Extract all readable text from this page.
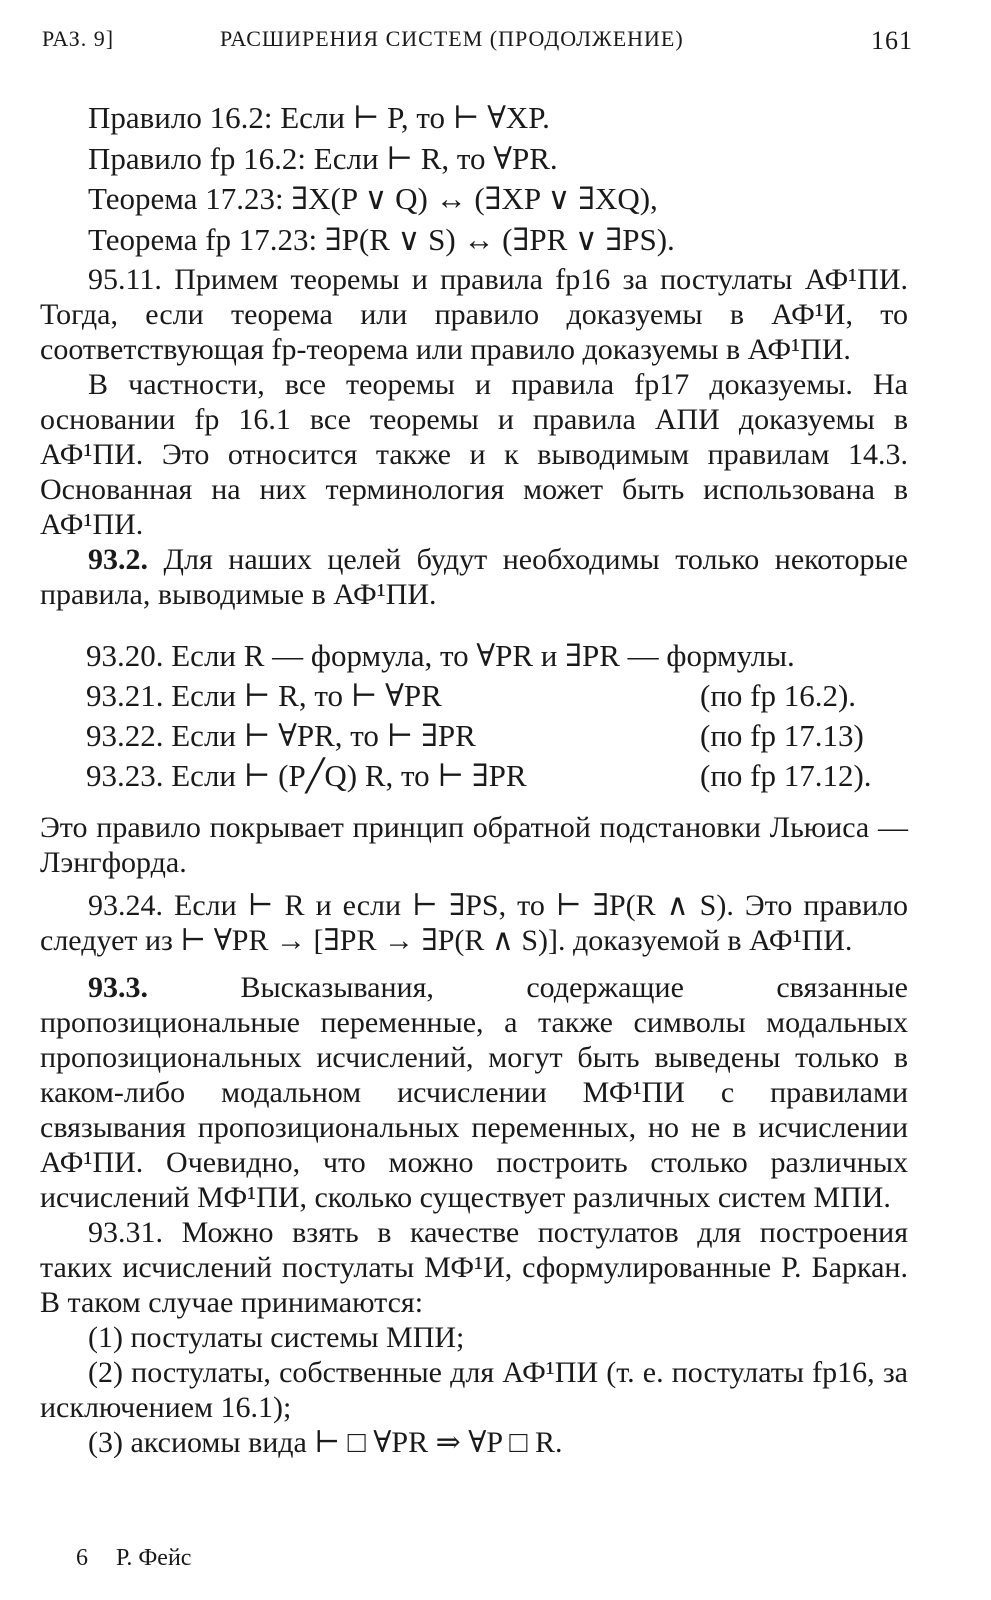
РАЗ. 9]	РАСШИРЕНИЯ СИСТЕМ (ПРОДОЛЖЕНИЕ)	161
Правило 16.2: Если ⊢ P, то ⊢ ∀XP.
Правило fp 16.2: Если ⊢ R, то ∀PR.
Теорема 17.23: ∃X(P ∨ Q) ↔ (∃XP ∨ ∃XQ),
Теорема fp 17.23: ∃P(R ∨ S) ↔ (∃PR ∨ ∃PS).

95.11. Примем теоремы и правила fp16 за постулаты АФ¹ПИ. Тогда, если теорема или правило доказуемы в АФ¹И, то соответствующая fp-теорема или правило доказуемы в АФ¹ПИ.

В частности, все теоремы и правила fp17 доказуемы. На основании fp 16.1 все теоремы и правила АПИ доказуемы в АФ¹ПИ. Это относится также и к выводимым правилам 14.3. Основанная на них терминология может быть использована в АФ¹ПИ.

93.2. Для наших целей будут необходимы только некоторые правила, выводимые в АФ¹ПИ.

93.20. Если R — формула, то ∀PR и ∃PR — формулы.
93.21. Если ⊢ R, то ⊢ ∀PR	(по fp 16.2).
93.22. Если ⊢ ∀PR, то ⊢ ∃PR	(по fp 17.13)
93.23. Если ⊢ (P╱Q) R, то ⊢ ∃PR	(по fp 17.12).

Это правило покрывает принцип обратной подстановки Льюиса — Лэнгфорда.

93.24. Если ⊢ R и если ⊢ ∃PS, то ⊢ ∃P(R ∧ S). Это правило следует из ⊢ ∀PR → [∃PR → ∃P(R ∧ S)]. доказуемой в АФ¹ПИ.

93.3. Высказывания, содержащие связанные пропозициональные переменные, а также символы модальных пропозициональных исчислений, могут быть выведены только в каком-либо модальном исчислении МФ¹ПИ с правилами связывания пропозициональных переменных, но не в исчислении АФ¹ПИ. Очевидно, что можно построить столько различных исчислений МФ¹ПИ, сколько существует различных систем МПИ.

93.31. Можно взять в качестве постулатов для построения таких исчислений постулаты МФ¹И, сформулированные Р. Баркан. В таком случае принимаются:

(1) постулаты системы МПИ;

(2) постулаты, собственные для АФ¹ПИ (т. е. постулаты fp16, за исключением 16.1);

(3) аксиомы вида ⊢ □ ∀PR ⇒ ∀P □ R.

6 Р. Фейс
